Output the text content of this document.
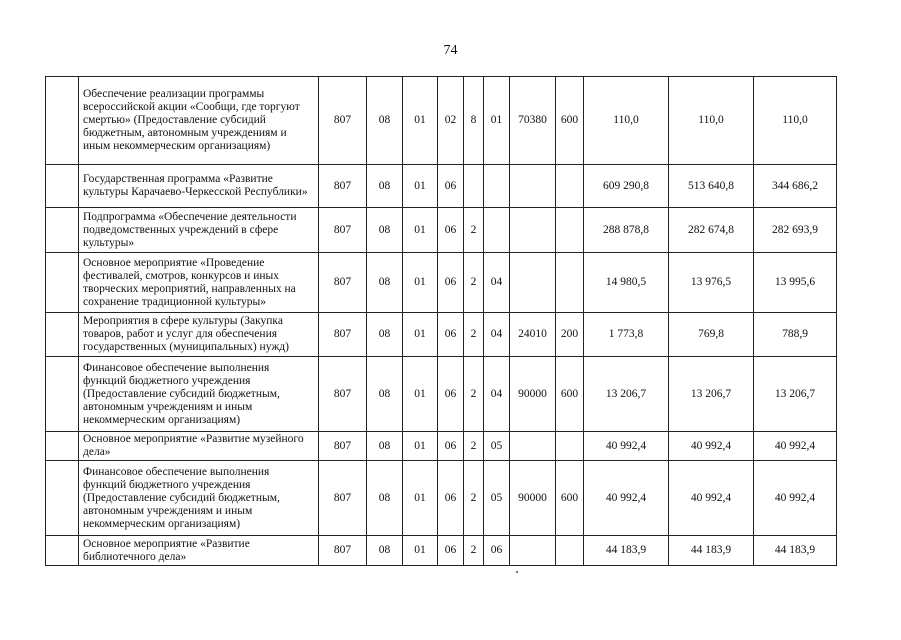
74
	Обеспечение реализации программы всероссийской акции «Сообщи, где торгуют смертью» (Предоставление субсидий бюджетным, автономным учреждениям и иным некоммерческим организациям)	807	08	01	02	8	01	70380	600	110,0	110,0	110,0
	Государственная программа «Развитие культуры Карачаево-Черкесской Республики»	807	08	01	06					609 290,8	513 640,8	344 686,2
	Подпрограмма «Обеспечение деятельности подведомственных учреждений в сфере культуры»	807	08	01	06	2				288 878,8	282 674,8	282 693,9
	Основное мероприятие «Проведение фестивалей, смотров, конкурсов и иных творческих мероприятий, направленных на сохранение традиционной культуры»	807	08	01	06	2	04			14 980,5	13 976,5	13 995,6
	Мероприятия в сфере культуры (Закупка товаров, работ и услуг для обеспечения государственных (муниципальных) нужд)	807	08	01	06	2	04	24010	200	1 773,8	769,8	788,9
	Финансовое обеспечение выполнения функций бюджетного учреждения (Предоставление субсидий бюджетным, автономным учреждениям и иным некоммерческим организациям)	807	08	01	06	2	04	90000	600	13 206,7	13 206,7	13 206,7
	Основное мероприятие «Развитие музейного дела»	807	08	01	06	2	05			40 992,4	40 992,4	40 992,4
	Финансовое обеспечение выполнения функций бюджетного учреждения (Предоставление субсидий бюджетным, автономным учреждениям и иным некоммерческим организациям)	807	08	01	06	2	05	90000	600	40 992,4	40 992,4	40 992,4
	Основное мероприятие «Развитие библиотечного дела»	807	08	01	06	2	06			44 183,9	44 183,9	44 183,9
